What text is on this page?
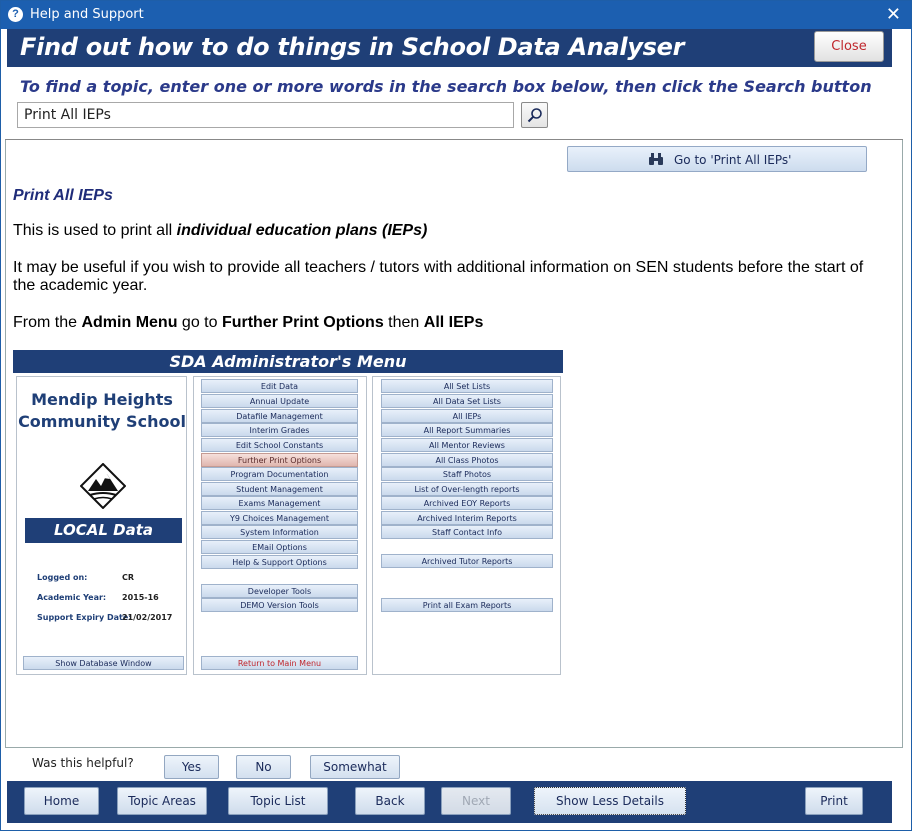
? Help and Support	✕
Find out how to do things in School Data Analyser	Close
To find a topic, enter one or more words in the search box below, then click the Search button
Print All IEPs
Go to 'Print All IEPs'
Print All IEPs
This is used to print all individual education plans (IEPs)
It may be useful if you wish to provide all teachers / tutors with additional information on SEN students before the start of the academic year.
From the Admin Menu go to Further Print Options then All IEPs
SDA Administrator's Menu
Mendip Heights
Community School
LOCAL Data
Logged on:	CR
Academic Year: 2015-16
Support Expiry Date:
21/02/2017
Show Database Window
Edit Data
Annual Update
Datafile Management
Interim Grades
Edit School Constants
Further Print Options
Program Documentation
Student Management
Exams Management
Y9 Choices Management
System Information
EMail Options
Help & Support Options
Developer Tools
DEMO Version Tools
Return to Main Menu
All Set Lists
All Data Set Lists
All IEPs
All Report Summaries
All Mentor Reviews
All Class Photos
Staff Photos
List of Over-length reports
Archived EOY Reports
Archived Interim Reports
Staff Contact Info
Archived Tutor Reports
Print all Exam Reports
Was this helpful?	Yes	No	Somewhat
Home	Topic Areas	Topic List	Back	Next	Show Less Details	Print
